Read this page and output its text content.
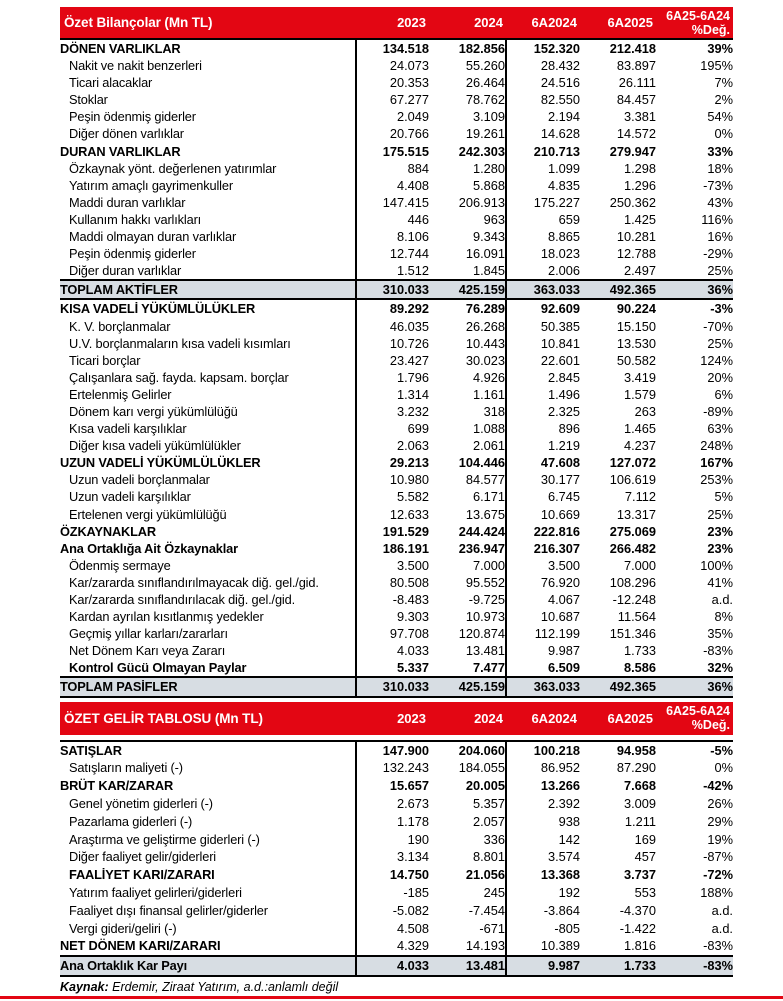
Özet Bilançolar (Mn TL)	2023	2024	6A2024	6A2025	6A25-6A24
%Değ.
DÖNEN VARLIKLAR	134.518	182.856	152.320	212.418	39%
Nakit ve nakit benzerleri	24.073	55.260	28.432	83.897	195%
Ticari alacaklar	20.353	26.464	24.516	26.111	7%
Stoklar	67.277	78.762	82.550	84.457	2%
Peşin ödenmiş giderler	2.049	3.109	2.194	3.381	54%
Diğer dönen varlıklar	20.766	19.261	14.628	14.572	0%
DURAN VARLIKLAR	175.515	242.303	210.713	279.947	33%
Özkaynak yönt. değerlenen yatırımlar	884	1.280	1.099	1.298	18%
Yatırım amaçlı gayrimenkuller	4.408	5.868	4.835	1.296	-73%
Maddi duran varlıklar	147.415	206.913	175.227	250.362	43%
Kullanım hakkı varlıkları	446	963	659	1.425	116%
Maddi olmayan duran varlıklar	8.106	9.343	8.865	10.281	16%
Peşin ödenmiş giderler	12.744	16.091	18.023	12.788	-29%
Diğer duran varlıklar	1.512	1.845	2.006	2.497	25%
TOPLAM AKTİFLER	310.033	425.159	363.033	492.365	36%
KISA VADELİ YÜKÜMLÜLÜKLER	89.292	76.289	92.609	90.224	-3%
K. V. borçlanmalar	46.035	26.268	50.385	15.150	-70%
U.V. borçlanmaların kısa vadeli kısımları	10.726	10.443	10.841	13.530	25%
Ticari borçlar	23.427	30.023	22.601	50.582	124%
Çalışanlara sağ. fayda. kapsam. borçlar	1.796	4.926	2.845	3.419	20%
Ertelenmiş Gelirler	1.314	1.161	1.496	1.579	6%
Dönem karı vergi yükümlülüğü	3.232	318	2.325	263	-89%
Kısa vadeli karşılıklar	699	1.088	896	1.465	63%
Diğer kısa vadeli yükümlülükler	2.063	2.061	1.219	4.237	248%
UZUN VADELİ YÜKÜMLÜLÜKLER	29.213	104.446	47.608	127.072	167%
Uzun vadeli borçlanmalar	10.980	84.577	30.177	106.619	253%
Uzun vadeli karşılıklar	5.582	6.171	6.745	7.112	5%
Ertelenen vergi yükümlülüğü	12.633	13.675	10.669	13.317	25%
ÖZKAYNAKLAR	191.529	244.424	222.816	275.069	23%
Ana Ortaklığa Ait Özkaynaklar	186.191	236.947	216.307	266.482	23%
Ödenmiş sermaye	3.500	7.000	3.500	7.000	100%
Kar/zararda sınıflandırılmayacak diğ. gel./gid.	80.508	95.552	76.920	108.296	41%
Kar/zararda sınıflandırılacak diğ. gel./gid.	-8.483	-9.725	4.067	-12.248	a.d.
Kardan ayrılan kısıtlanmış yedekler	9.303	10.973	10.687	11.564	8%
Geçmiş yıllar karları/zararları	97.708	120.874	112.199	151.346	35%
Net Dönem Karı veya Zararı	4.033	13.481	9.987	1.733	-83%
Kontrol Gücü Olmayan Paylar	5.337	7.477	6.509	8.586	32%
TOPLAM PASİFLER	310.033	425.159	363.033	492.365	36%
ÖZET GELİR TABLOSU (Mn TL)	2023	2024	6A2024	6A2025	6A25-6A24
%Değ.
SATIŞLAR	147.900	204.060	100.218	94.958	-5%
Satışların maliyeti (-)	132.243	184.055	86.952	87.290	0%
BRÜT KAR/ZARAR	15.657	20.005	13.266	7.668	-42%
Genel yönetim giderleri (-)	2.673	5.357	2.392	3.009	26%
Pazarlama giderleri (-)	1.178	2.057	938	1.211	29%
Araştırma ve geliştirme giderleri (-)	190	336	142	169	19%
Diğer faaliyet gelir/giderleri	3.134	8.801	3.574	457	-87%
FAALİYET KARI/ZARARI	14.750	21.056	13.368	3.737	-72%
Yatırım faaliyet gelirleri/giderleri	-185	245	192	553	188%
Faaliyet dışı finansal gelirler/giderler	-5.082	-7.454	-3.864	-4.370	a.d.
Vergi gideri/geliri (-)	4.508	-671	-805	-1.422	a.d.
NET DÖNEM KARI/ZARARI	4.329	14.193	10.389	1.816	-83%
Ana Ortaklık Kar Payı	4.033	13.481	9.987	1.733	-83%
Kaynak: Erdemir, Ziraat Yatırım, a.d.:anlamlı değil
